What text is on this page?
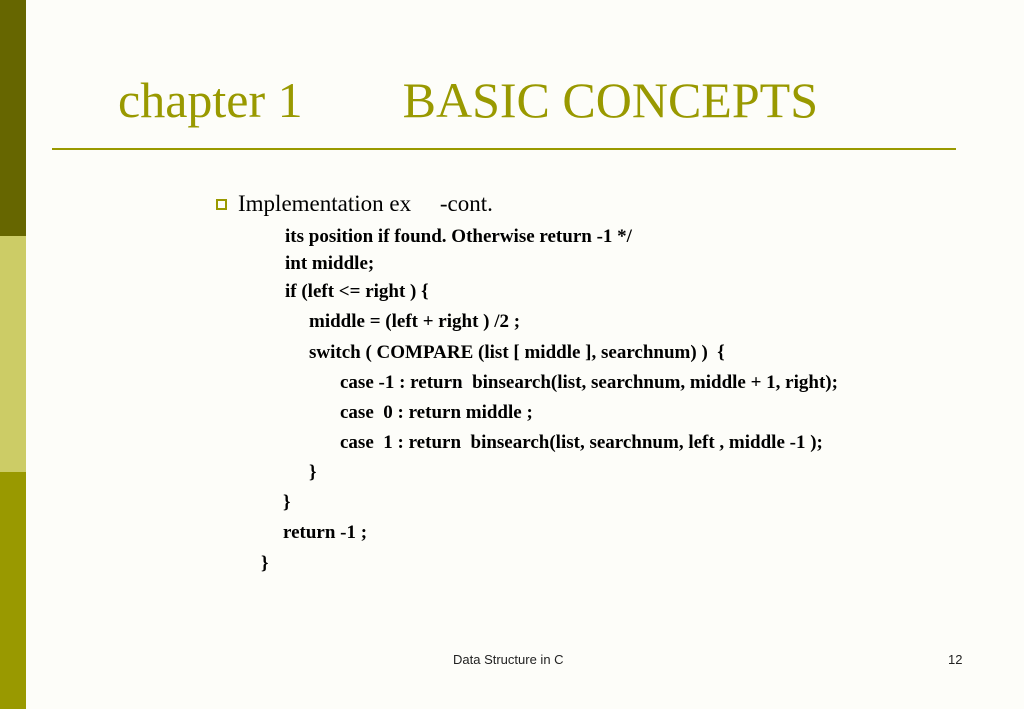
chapter 1        BASIC CONCEPTS
Implementation ex     -cont.
its position if found. Otherwise return -1 */
int middle;
if (left <= right ) {
middle = (left + right ) /2 ;
switch ( COMPARE (list [ middle ], searchnum) )  {
case -1 : return  binsearch(list, searchnum, middle + 1, right);
case  0 : return middle ;
case  1 : return  binsearch(list, searchnum, left , middle -1 );
}
}
return -1 ;
}
Data Structure in C	12
